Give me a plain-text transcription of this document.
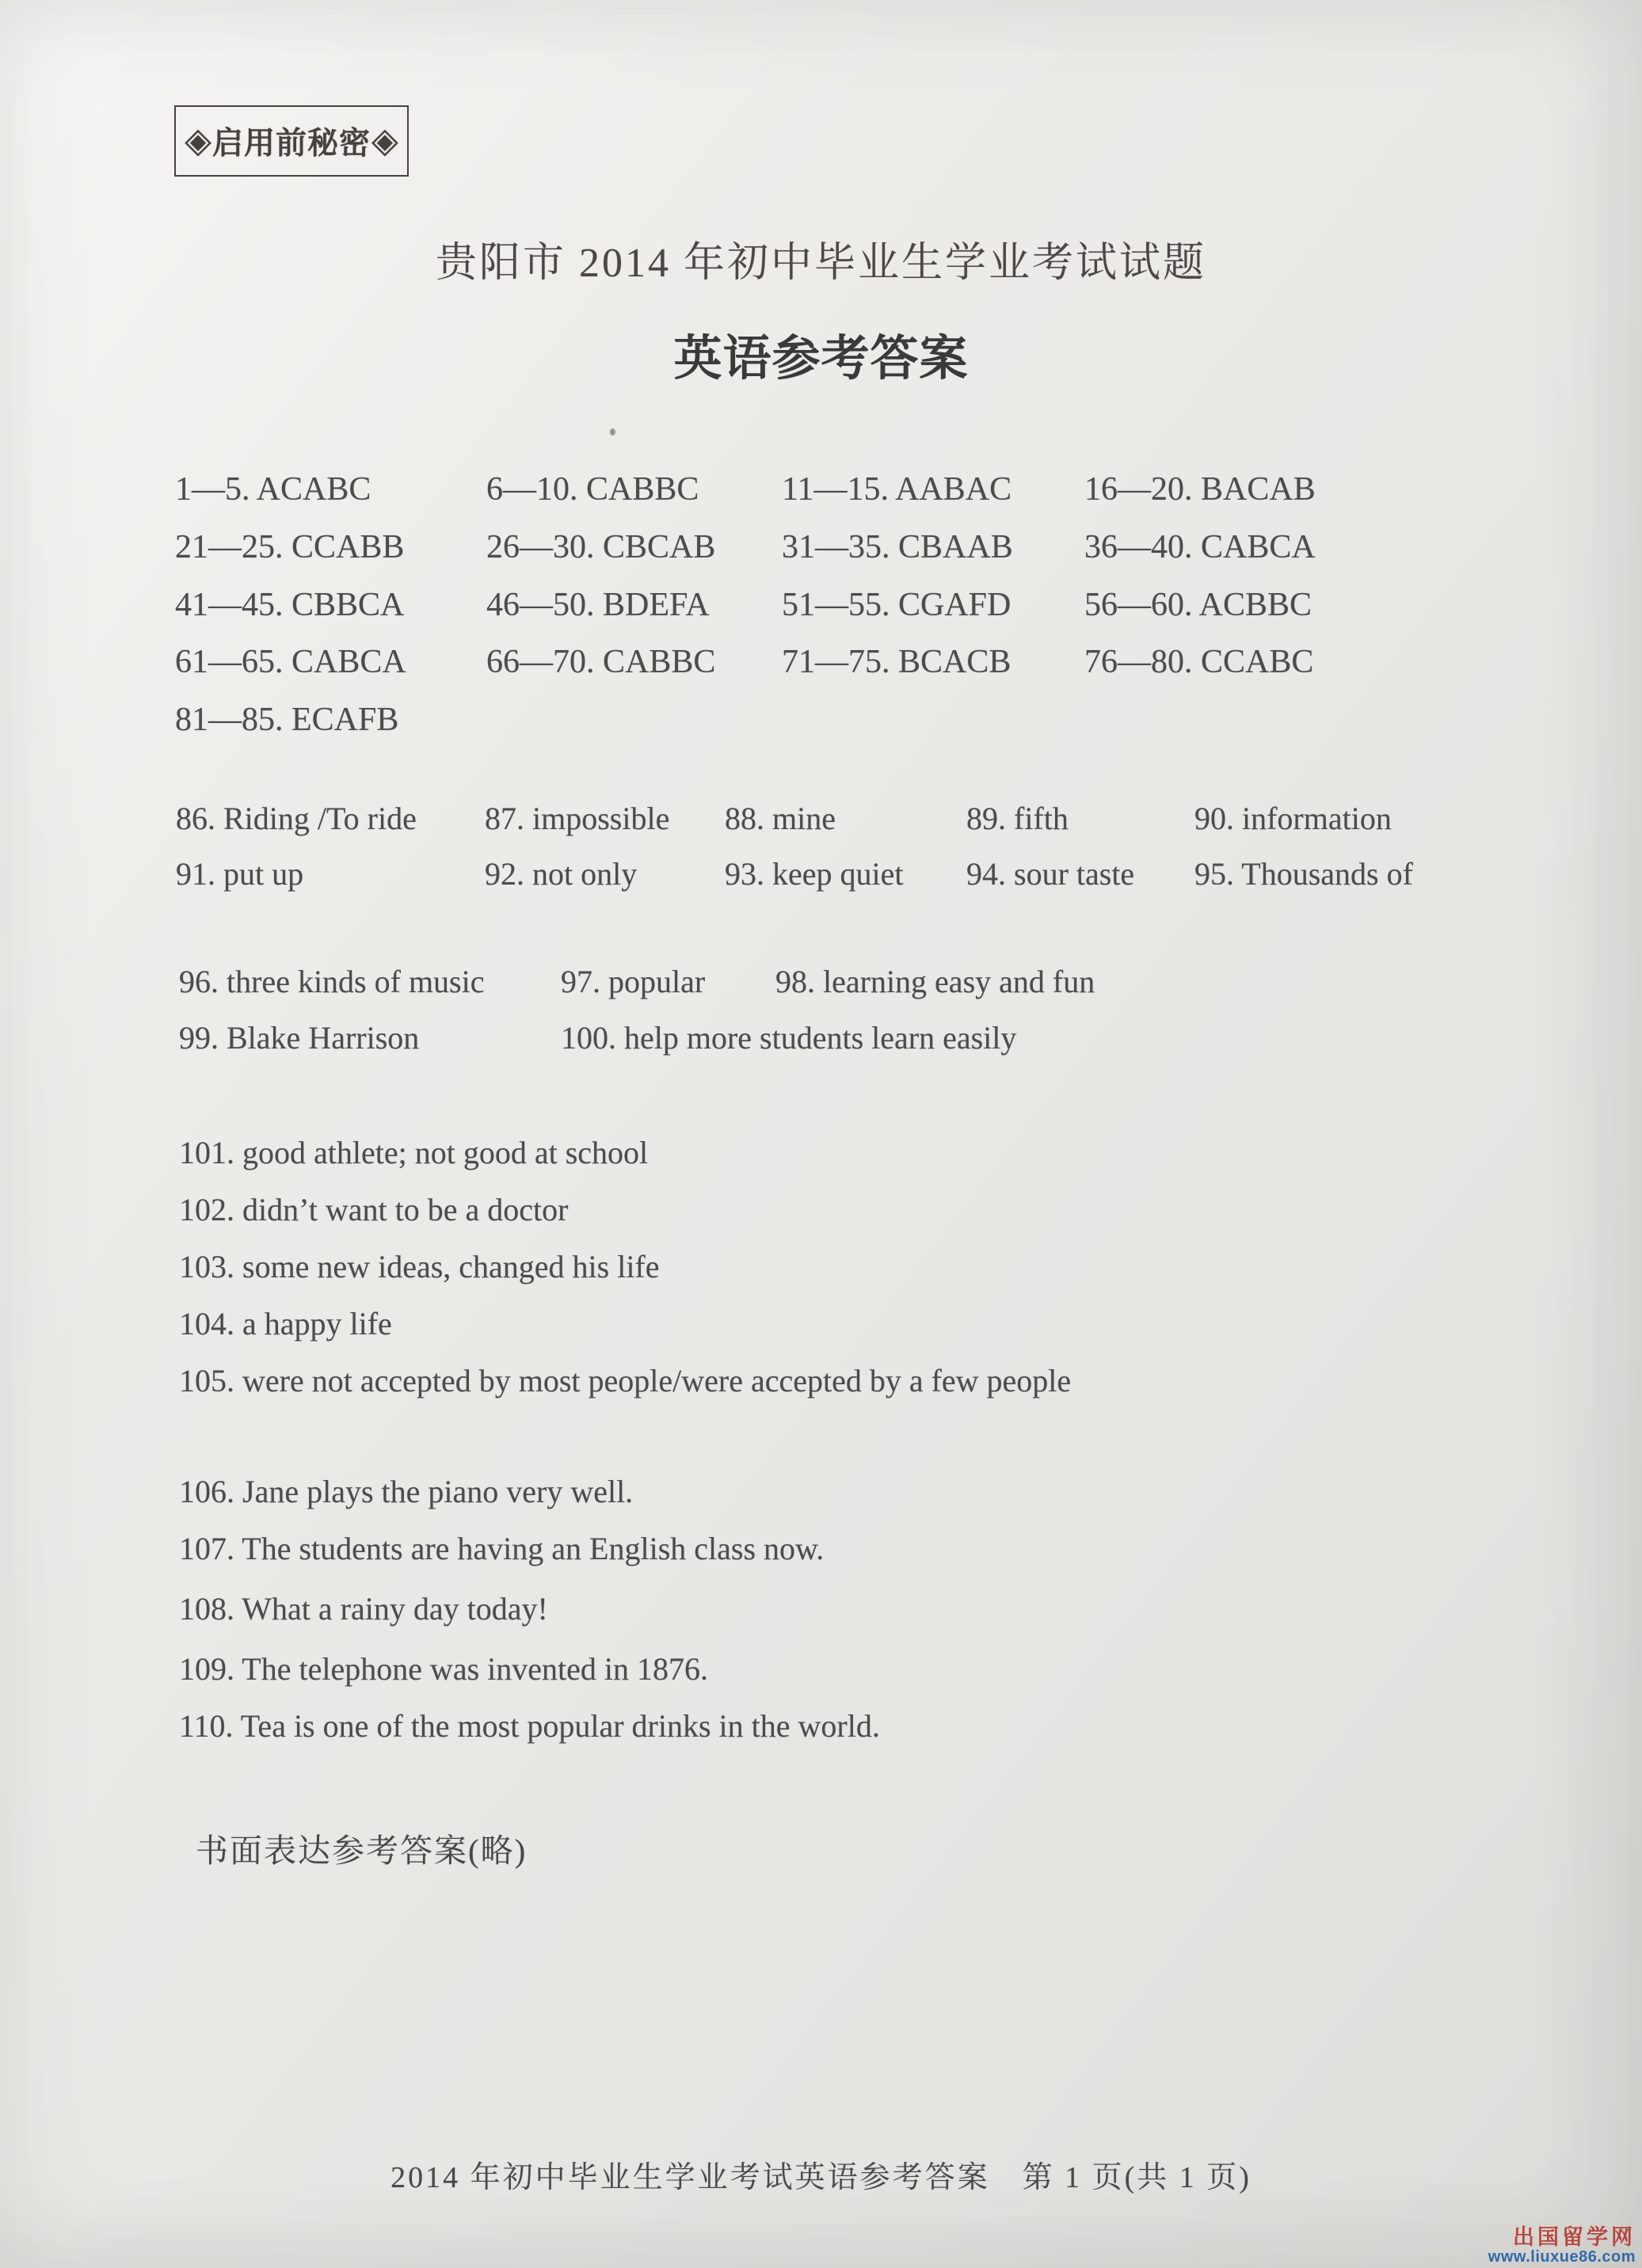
◈ 启用前秘密 ◈
贵阳市 2014 年初中毕业生学业考试试题
英语参考答案
1—5. ACABC	6—10. CABBC 11—15. AABAC 16—20. BACAB
21—25. CCABB 26—30. CBCAB 31—35. CBAAB 36—40. CABCA
41—45. CBBCA 46—50. BDEFA 51—55. CGAFD 56—60. ACBBC
61—65. CABCA 66—70. CABBC 71—75. BCACB 76—80. CCABC
81—85. ECAFB
86. Riding /To ride 87. impossible 88. mine	89. fifth	90. information
91. put up	92. not only	93. keep quiet 94. sour taste 95. Thousands of
96. three kinds of music 97. popular 98. learning easy and fun
99. Blake Harrison	100. help more students learn easily
101. good athlete; not good at school
102. didn’t want to be a doctor
103. some new ideas, changed his life
104. a happy life
105. were not accepted by most people/were accepted by a few people
106. Jane plays the piano very well.
107. The students are having an English class now.
108. What a rainy day today!
109. The telephone was invented in 1876.
110. Tea is one of the most popular drinks in the world.
书面表达参考答案(略)
2014 年初中毕业生学业考试英语参考答案　第 1 页(共 1 页)
出国留学网
www.liuxue86.com
